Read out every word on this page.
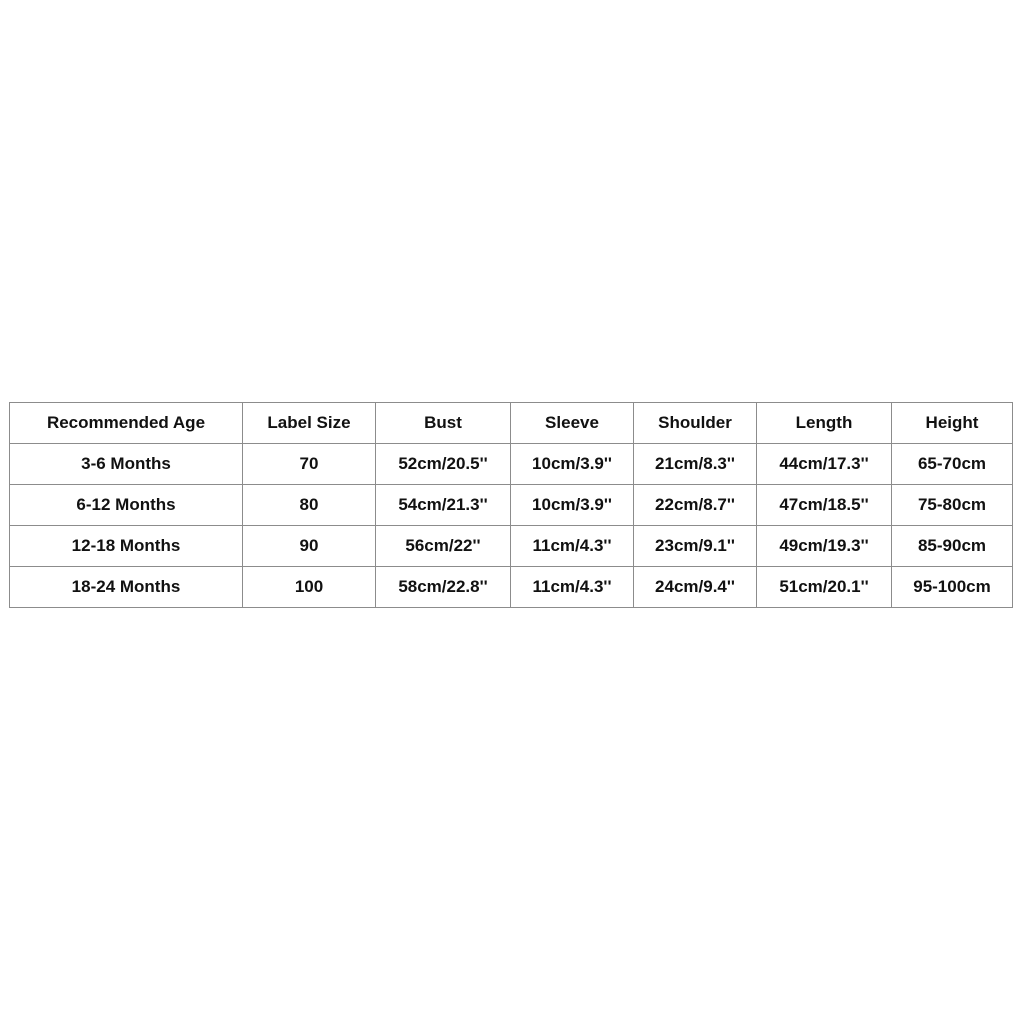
Recommended Age	Label Size	Bust	Sleeve	Shoulder	Length	Height
3-6 Months	70	52cm/20.5''	10cm/3.9''	21cm/8.3''	44cm/17.3''	65-70cm
6-12 Months	80	54cm/21.3''	10cm/3.9''	22cm/8.7''	47cm/18.5''	75-80cm
12-18 Months	90	56cm/22''	11cm/4.3''	23cm/9.1''	49cm/19.3''	85-90cm
18-24 Months	100	58cm/22.8''	11cm/4.3''	24cm/9.4''	51cm/20.1''	95-100cm
